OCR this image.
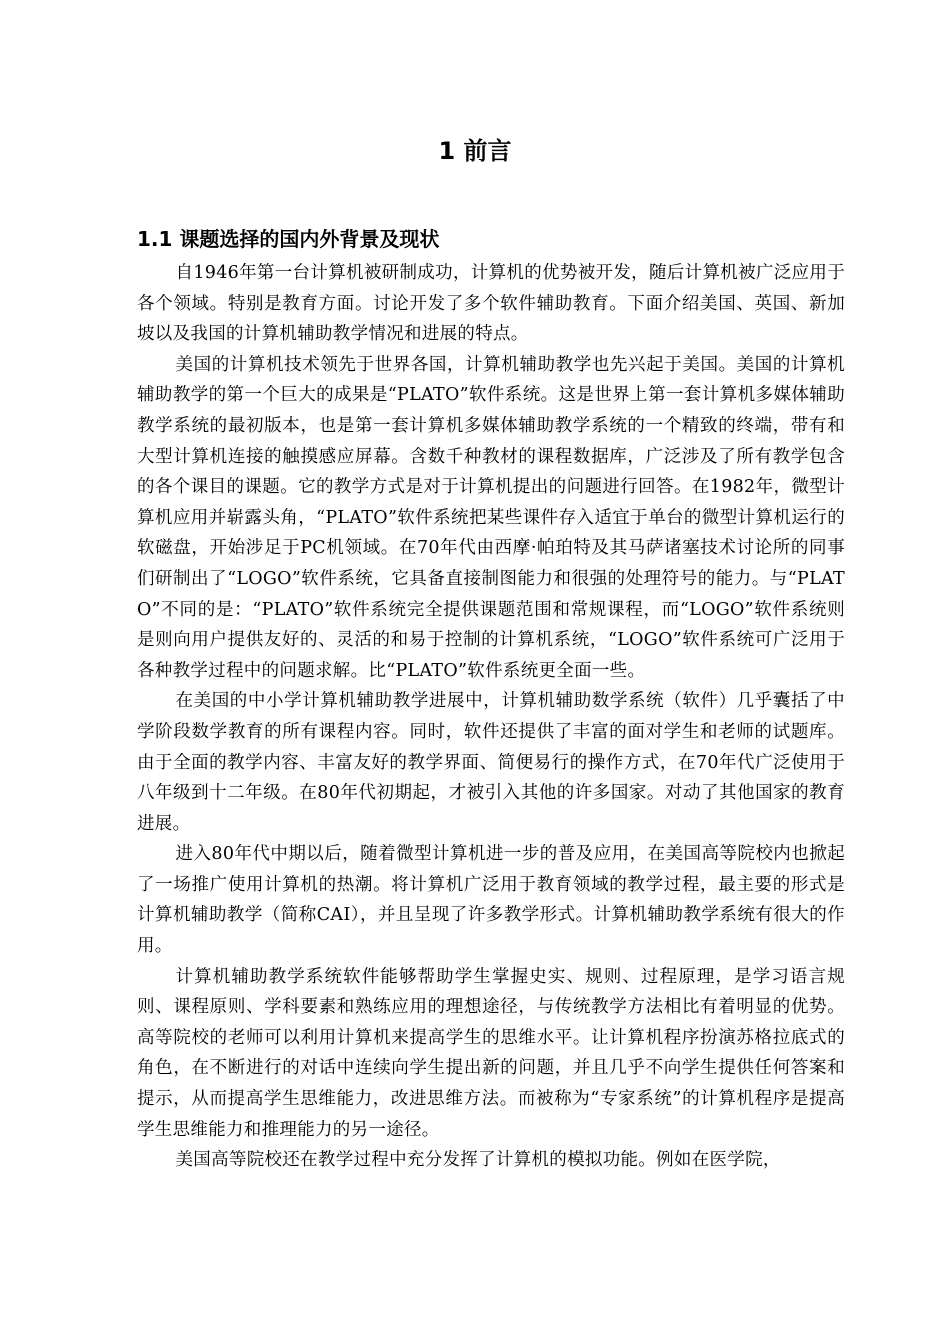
1 前言
1.1 课题选择的国内外背景及现状

自1946年第一台计算机被研制成功，计算机的优势被开发，随后计算机被广泛应用于各个领域。特别是教育方面。讨论开发了多个软件辅助教育。下面介绍美国、英国、新加坡以及我国的计算机辅助教学情况和进展的特点。

美国的计算机技术领先于世界各国，计算机辅助教学也先兴起于美国。美国的计算机辅助教学的第一个巨大的成果是“PLATO”软件系统。这是世界上第一套计算机多媒体辅助教学系统的最初版本，也是第一套计算机多媒体辅助教学系统的一个精致的终端，带有和大型计算机连接的触摸感应屏幕。含数千种教材的课程数据库，广泛涉及了所有教学包含的各个课目的课题。它的教学方式是对于计算机提出的问题进行回答。在1982年，微型计算机应用并崭露头角，“PLATO”软件系统把某些课件存入适宜于单台的微型计算机运行的软磁盘，开始涉足于PC机领域。在70年代由西摩·帕珀特及其马萨诸塞技术讨论所的同事们研制出了“LOGO”软件系统，它具备直接制图能力和很强的处理符号的能力。与“PLATO”不同的是：“PLATO”软件系统完全提供课题范围和常规课程，而“LOGO”软件系统则是则向用户提供友好的、灵活的和易于控制的计算机系统，“LOGO”软件系统可广泛用于各种教学过程中的问题求解。比“PLATO”软件系统更全面一些。

在美国的中小学计算机辅助教学进展中，计算机辅助数学系统（软件）几乎囊括了中学阶段数学教育的所有课程内容。同时，软件还提供了丰富的面对学生和老师的试题库。由于全面的教学内容、丰富友好的教学界面、简便易行的操作方式，在70年代广泛使用于八年级到十二年级。在80年代初期起，才被引入其他的许多国家。对动了其他国家的教育进展。

进入80年代中期以后，随着微型计算机进一步的普及应用，在美国高等院校内也掀起了一场推广使用计算机的热潮。将计算机广泛用于教育领域的教学过程，最主要的形式是计算机辅助教学（简称CAI），并且呈现了许多教学形式。计算机辅助教学系统有很大的作用。

计算机辅助教学系统软件能够帮助学生掌握史实、规则、过程原理，是学习语言规则、课程原则、学科要素和熟练应用的理想途径，与传统教学方法相比有着明显的优势。高等院校的老师可以利用计算机来提高学生的思维水平。让计算机程序扮演苏格拉底式的角色，在不断进行的对话中连续向学生提出新的问题，并且几乎不向学生提供任何答案和提示，从而提高学生思维能力，改进思维方法。而被称为“专家系统”的计算机程序是提高学生思维能力和推理能力的另一途径。

美国高等院校还在教学过程中充分发挥了计算机的模拟功能。例如在医学院，
